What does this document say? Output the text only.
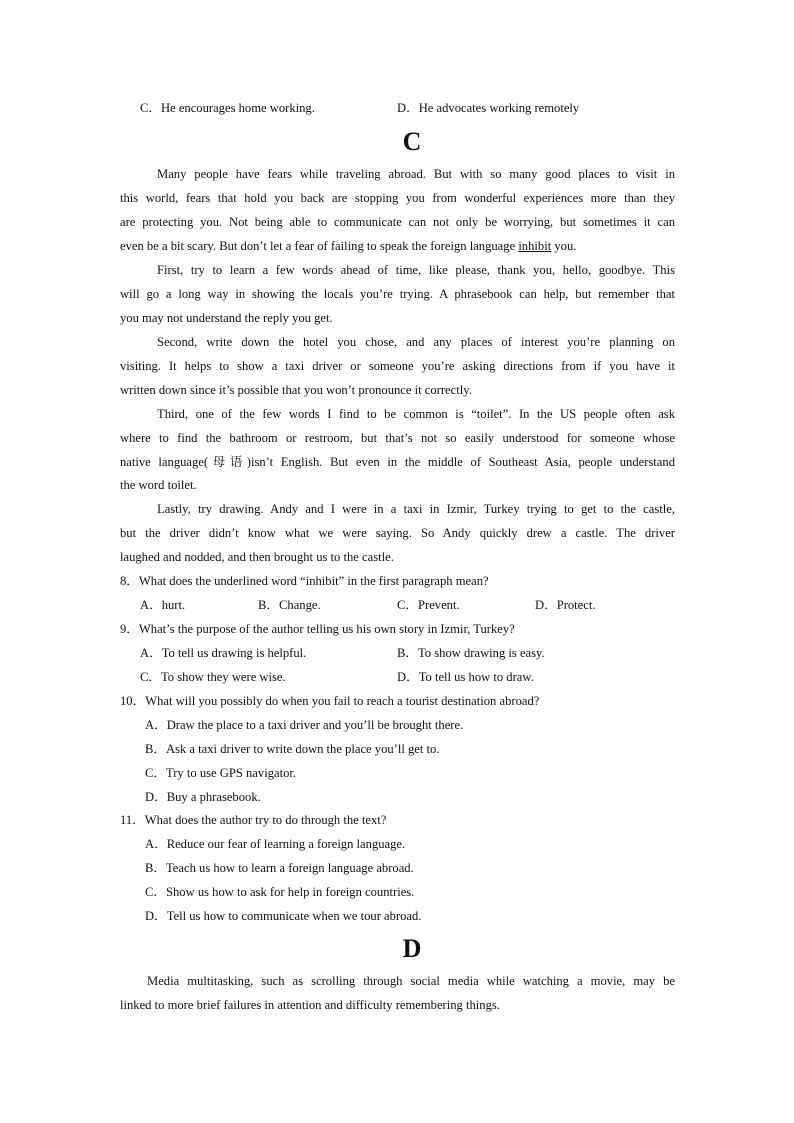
C．He encourages home working.	D．He advocates working remotely
C
Many people have fears while traveling abroad. But with so many good places to visit in
this world, fears that hold you back are stopping you from wonderful experiences more than they
are protecting you. Not being able to communicate can not only be worrying, but sometimes it can
even be a bit scary. But don’t let a fear of failing to speak the foreign language inhibit you.
First, try to learn a few words ahead of time, like please, thank you, hello, goodbye. This
will go a long way in showing the locals you’re trying. A phrasebook can help, but remember that
you may not understand the reply you get.
Second, write down the hotel you chose, and any places of interest you’re planning on
visiting. It helps to show a taxi driver or someone you’re asking directions from if you have it
written down since it’s possible that you won’t pronounce it correctly.
Third, one of the few words I find to be common is “toilet”. In the US people often ask
where to find the bathroom or restroom, but that’s not so easily understood for someone whose
native language(母语)isn’t English. But even in the middle of Southeast Asia, people understand
the word toilet.
Lastly, try drawing. Andy and I were in a taxi in Izmir, Turkey trying to get to the castle,
but the driver didn’t know what we were saying. So Andy quickly drew a castle. The driver
laughed and nodded, and then brought us to the castle.
8．What does the underlined word “inhibit” in the first paragraph mean?
A．hurt.	B．Change.	C．Prevent.	D．Protect.
9．What’s the purpose of the author telling us his own story in Izmir, Turkey?
A．To tell us drawing is helpful.	B．To show drawing is easy.
C．To show they were wise.	D．To tell us how to draw.
10．What will you possibly do when you fail to reach a tourist destination abroad?
A．Draw the place to a taxi driver and you’ll be brought there.
B．Ask a taxi driver to write down the place you’ll get to.
C．Try to use GPS navigator.
D．Buy a phrasebook.
11．What does the author try to do through the text?
A．Reduce our fear of learning a foreign language.
B．Teach us how to learn a foreign language abroad.
C．Show us how to ask for help in foreign countries.
D．Tell us how to communicate when we tour abroad.
D
Media multitasking, such as scrolling through social media while watching a movie, may be
linked to more brief failures in attention and difficulty remembering things.
